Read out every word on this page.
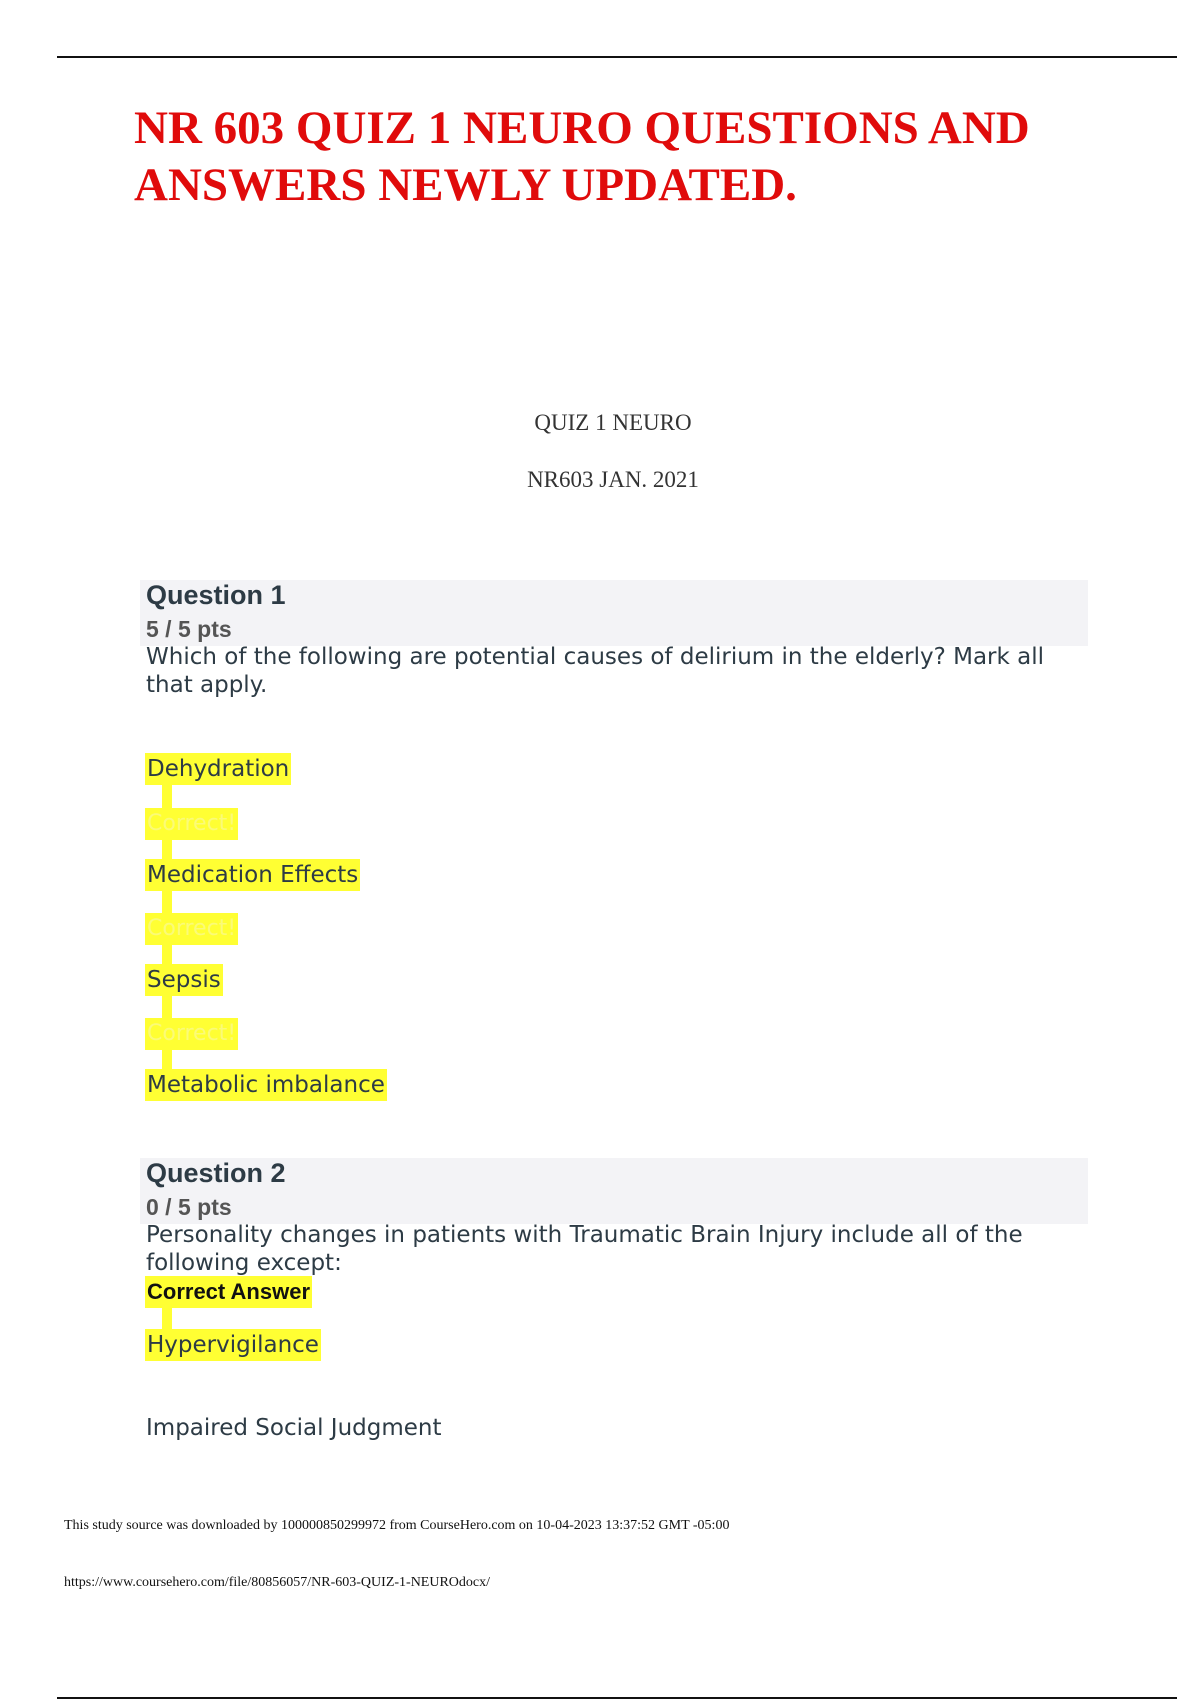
NR 603 QUIZ 1 NEURO QUESTIONS AND ANSWERS NEWLY UPDATED.

QUIZ 1 NEURO

NR603 JAN. 2021

Question 1

5 / 5 pts

Which of the following are potential causes of delirium in the elderly? Mark all that apply.

Dehydration
Correct!
Medication Effects
Correct!
Sepsis
Correct!
Metabolic imbalance

Question 2

0 / 5 pts

Personality changes in patients with Traumatic Brain Injury include all of the following except:

Correct Answer
Hypervigilance

Impaired Social Judgment

This study source was downloaded by 100000850299972 from CourseHero.com on 10-04-2023 13:37:52 GMT -05:00

https://www.coursehero.com/file/80856057/NR-603-QUIZ-1-NEUROdocx/
